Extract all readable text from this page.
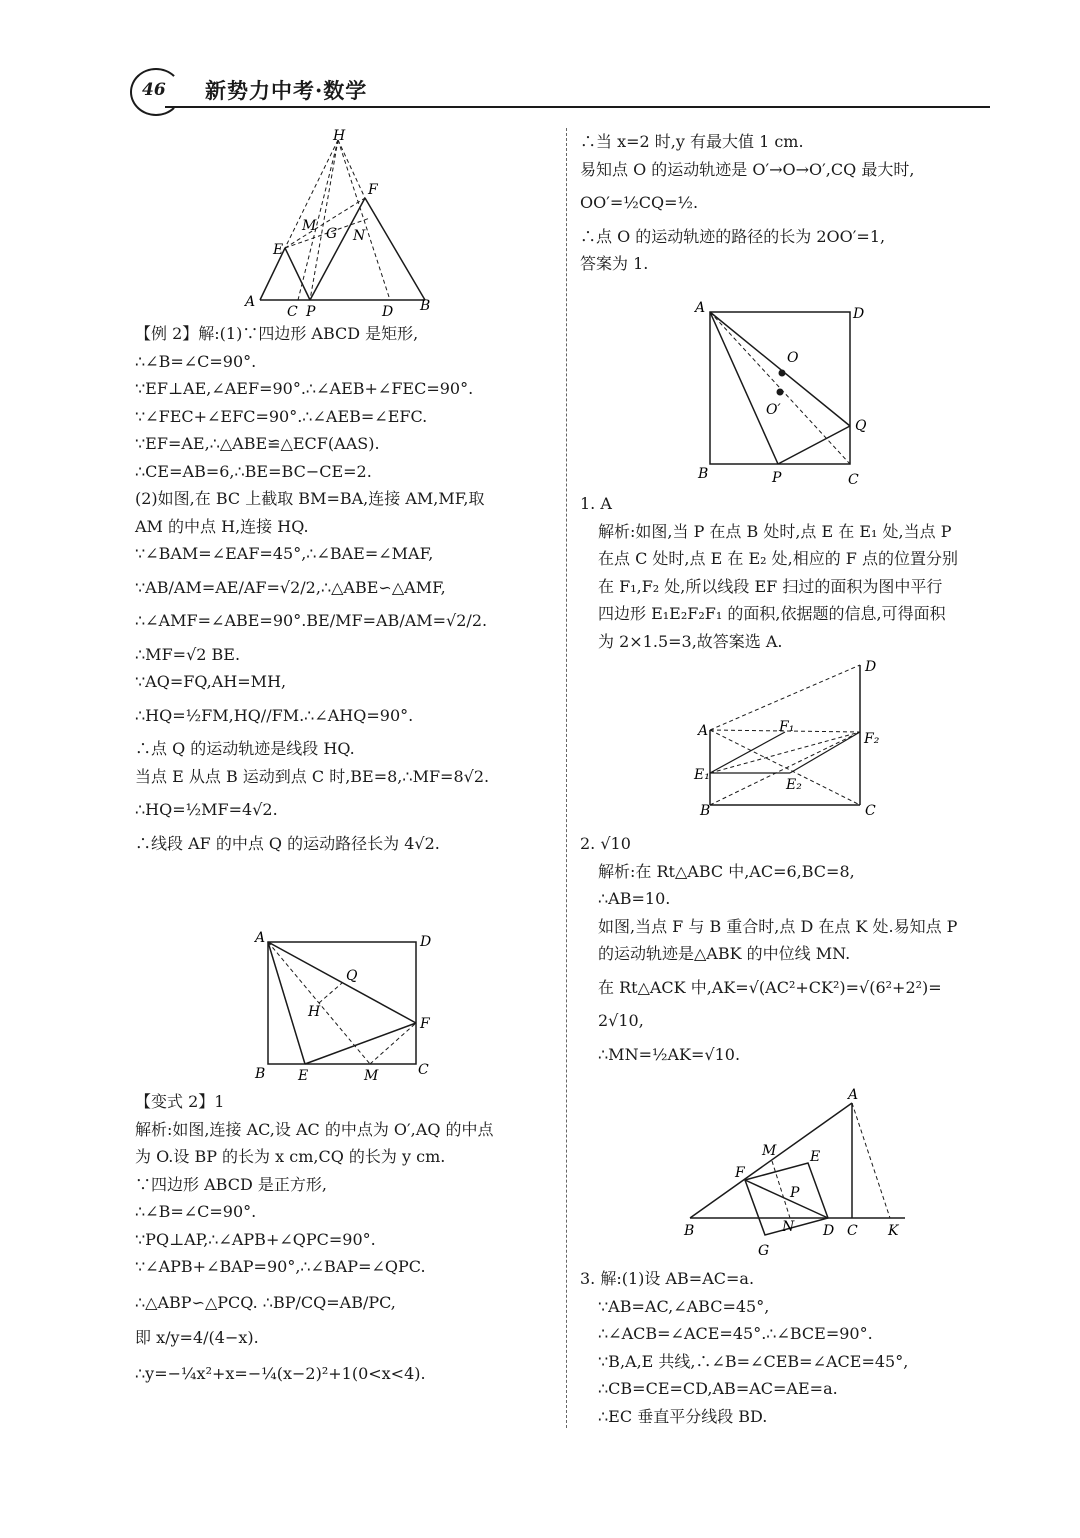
46 新势力中考·数学
H
F
M G N
E
A
C P	D B
【例 2】解:(1)∵四边形 ABCD 是矩形,
∴∠B=∠C=90°.
∵EF⊥AE,∠AEF=90°.∴∠AEB+∠FEC=90°.
∵∠FEC+∠EFC=90°.∴∠AEB=∠EFC.
∵EF=AE,∴△ABE≌△ECF(AAS).
∴CE=AB=6,∴BE=BC−CE=2.
(2)如图,在 BC 上截取 BM=BA,连接 AM,MF,取
AM 的中点 H,连接 HQ.
∵∠BAM=∠EAF=45°,∴∠BAE=∠MAF,
∵AB/AM=AE/AF=√2/2,∴△ABE∽△AMF,
∴∠AMF=∠ABE=90°.BE/MF=AB/AM=√2/2.
∴MF=√2 BE.
∵AQ=FQ,AH=MH,
∴HQ=½FM,HQ//FM.∴∠AHQ=90°.
∴点 Q 的运动轨迹是线段 HQ.
当点 E 从点 B 运动到点 C 时,BE=8,∴MF=8√2.
∴HQ=½MF=4√2.
∴线段 AF 的中点 Q 的运动路径长为 4√2.
A	D
Q
H
F
B E	M	C
【变式 2】1
解析:如图,连接 AC,设 AC 的中点为 O′,AQ 的中点
为 O.设 BP 的长为 x cm,CQ 的长为 y cm.
∵四边形 ABCD 是正方形,
∴∠B=∠C=90°.
∵PQ⊥AP,∴∠APB+∠QPC=90°.
∵∠APB+∠BAP=90°,∴∠BAP=∠QPC.
∴△ABP∽△PCQ. ∴BP/CQ=AB/PC,
即 x/y=4/(4−x).
∴y=−¼x²+x=−¼(x−2)²+1(0<x<4).
∴当 x=2 时,y 有最大值 1 cm.
易知点 O 的运动轨迹是 O′→O→O′,CQ 最大时,
OO′=½CQ=½.
∴点 O 的运动轨迹的路径的长为 2OO′=1,
答案为 1.
A	D
O
O′
Q
B	P	C
1. A
解析:如图,当 P 在点 B 处时,点 E 在 E₁ 处,当点 P
在点 C 处时,点 E 在 E₂ 处,相应的 F 点的位置分别
在 F₁,F₂ 处,所以线段 EF 扫过的面积为图中平行
四边形 E₁E₂F₂F₁ 的面积,依据题的信息,可得面积
为 2×1.5=3,故答案选 A.
D
A	F₁
F₂
E₁
E₂
B	C
2. √10
解析:在 Rt△ABC 中,AC=6,BC=8,
∴AB=10.
如图,当点 F 与 B 重合时,点 D 在点 K 处.易知点 P
的运动轨迹是△ABK 的中位线 MN.
在 Rt△ACK 中,AK=√(AC²+CK²)=√(6²+2²)=
2√10,
∴MN=½AK=√10.
A
M E
F
P
B	N D C K
G
3. 解:(1)设 AB=AC=a.
∵AB=AC,∠ABC=45°,
∴∠ACB=∠ACE=45°.∴∠BCE=90°.
∵B,A,E 共线,∴∠B=∠CEB=∠ACE=45°,
∴CB=CE=CD,AB=AC=AE=a.
∴EC 垂直平分线段 BD.
